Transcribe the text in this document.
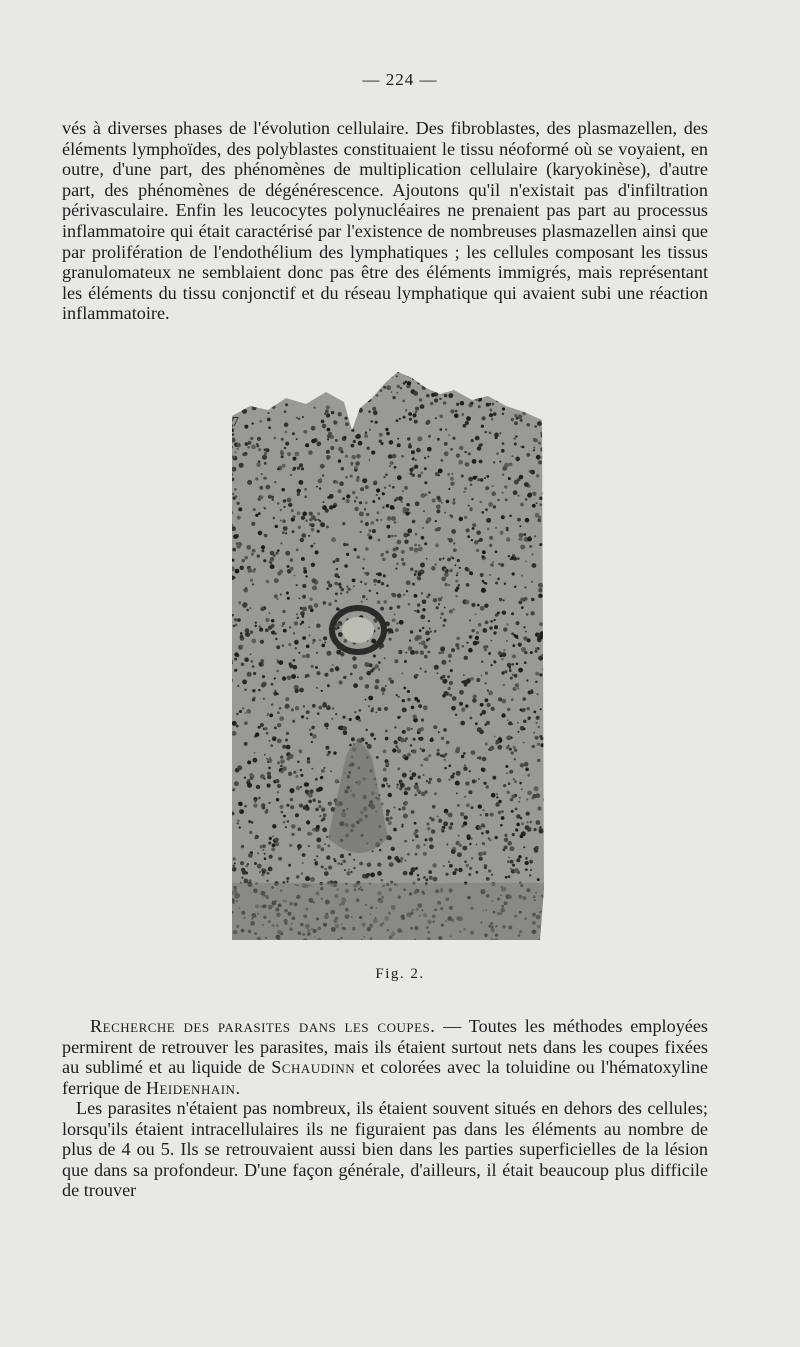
— 224 —

vés à diverses phases de l'évolution cellulaire. Des fibroblastes, des plasmazellen, des éléments lymphoïdes, des polyblastes constituaient le tissu néoformé où se voyaient, en outre, d'une part, des phénomènes de multiplication cellulaire (karyokinèse), d'autre part, des phénomènes de dégénérescence. Ajoutons qu'il n'existait pas d'infiltration périvasculaire. Enfin les leucocytes polynucléaires ne prenaient pas part au processus inflammatoire qui était caractérisé par l'existence de nombreuses plasmazellen ainsi que par prolifération de l'endothélium des lymphatiques ; les cellules composant les tissus granulomateux ne semblaient donc pas être des éléments immigrés, mais représentant les éléments du tissu conjonctif et du réseau lymphatique qui avaient subi une réaction inflammatoire.

7
Fig. 2.

Recherche des parasites dans les coupes. — Toutes les méthodes employées permirent de retrouver les parasites, mais ils étaient surtout nets dans les coupes fixées au sublimé et au liquide de Schaudinn et colorées avec la toluidine ou l'hématoxyline ferrique de Heidenhain.

Les parasites n'étaient pas nombreux, ils étaient souvent situés en dehors des cellules; lorsqu'ils étaient intracellulaires ils ne figuraient pas dans les éléments au nombre de plus de 4 ou 5. Ils se retrouvaient aussi bien dans les parties superficielles de la lésion que dans sa profondeur. D'une façon générale, d'ailleurs, il était beaucoup plus difficile de trouver
